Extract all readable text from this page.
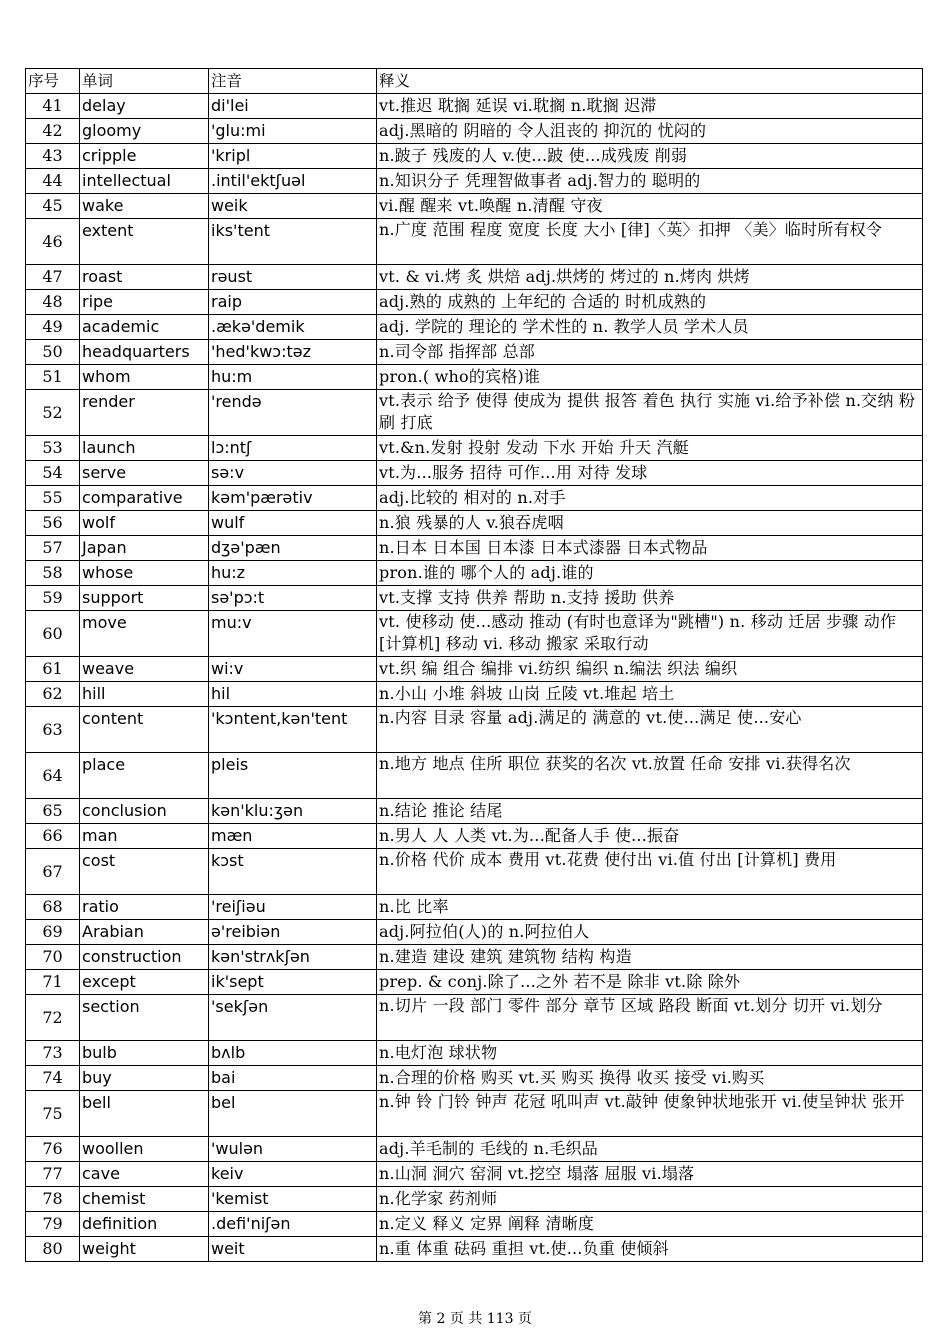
序号	单词	注音	释义
41	delay	di'lei	vt.推迟 耽搁 延误 vi.耽搁 n.耽搁 迟滞
42	gloomy	'glu:mi	adj.黑暗的 阴暗的 令人沮丧的 抑沉的 忧闷的
43	cripple	'kripl	n.跛子 残废的人 v.使...跛 使...成残废 削弱
44	intellectual	.intil'ektʃuəl	n.知识分子 凭理智做事者 adj.智力的 聪明的
45	wake	weik	vi.醒 醒来 vt.唤醒 n.清醒 守夜
46	extent	iks'tent	n.广度 范围 程度 宽度 长度 大小 [律]〈英〉扣押 〈美〉临时所有权令
47	roast	rəust	vt. & vi.烤 炙 烘焙 adj.烘烤的 烤过的 n.烤肉 烘烤
48	ripe	raip	adj.熟的 成熟的 上年纪的 合适的 时机成熟的
49	academic	.ækə'demik	adj. 学院的 理论的 学术性的 n. 教学人员 学术人员
50	headquarters	'hed'kwɔ:təz	n.司令部 指挥部 总部
51	whom	hu:m	pron.( who的宾格)谁
52	render	'rendə	vt.表示 给予 使得 使成为 提供 报答 着色 执行 实施 vi.给予补偿 n.交纳 粉刷 打底
53	launch	lɔ:ntʃ	vt.&n.发射 投射 发动 下水 开始 升天 汽艇
54	serve	sə:v	vt.为...服务 招待 可作...用 对待 发球
55	comparative	kəm'pærətiv	adj.比较的 相对的 n.对手
56	wolf	wulf	n.狼 残暴的人 v.狼吞虎咽
57	Japan	dʒə'pæn	n.日本 日本国 日本漆 日本式漆器 日本式物品
58	whose	hu:z	pron.谁的 哪个人的 adj.谁的
59	support	sə'pɔ:t	vt.支撑 支持 供养 帮助 n.支持 援助 供养
60	move	mu:v	vt. 使移动 使...感动 推动 (有时也意译为"跳槽") n. 移动 迁居 步骤 动作 [计算机] 移动 vi. 移动 搬家 采取行动
61	weave	wi:v	vt.织 编 组合 编排 vi.纺织 编织 n.编法 织法 编织
62	hill	hil	n.小山 小堆 斜坡 山岗 丘陵 vt.堆起 培土
63	content	'kɔntent,kən'tent	n.内容 目录 容量 adj.满足的 满意的 vt.使...满足 使...安心
64	place	pleis	n.地方 地点 住所 职位 获奖的名次 vt.放置 任命 安排 vi.获得名次
65	conclusion	kən'klu:ʒən	n.结论 推论 结尾
66	man	mæn	n.男人 人 人类 vt.为...配备人手 使...振奋
67	cost	kɔst	n.价格 代价 成本 费用 vt.花费 使付出 vi.值 付出 [计算机] 费用
68	ratio	'reiʃiəu	n.比 比率
69	Arabian	ə'reibiən	adj.阿拉伯(人)的 n.阿拉伯人
70	construction	kən'strʌkʃən	n.建造 建设 建筑 建筑物 结构 构造
71	except	ik'sept	prep. & conj.除了...之外 若不是 除非 vt.除 除外
72	section	'sekʃən	n.切片 一段 部门 零件 部分 章节 区域 路段 断面 vt.划分 切开 vi.划分
73	bulb	bʌlb	n.电灯泡 球状物
74	buy	bai	n.合理的价格 购买 vt.买 购买 换得 收买 接受 vi.购买
75	bell	bel	n.钟 铃 门铃 钟声 花冠 吼叫声 vt.敲钟 使象钟状地张开 vi.使呈钟状 张开
76	woollen	'wulən	adj.羊毛制的 毛线的 n.毛织品
77	cave	keiv	n.山洞 洞穴 窑洞 vt.挖空 塌落 屈服 vi.塌落
78	chemist	'kemist	n.化学家 药剂师
79	definition	.defi'niʃən	n.定义 释义 定界 阐释 清晰度
80	weight	weit	n.重 体重 砝码 重担 vt.使...负重 使倾斜
第 2 页 共 113 页
